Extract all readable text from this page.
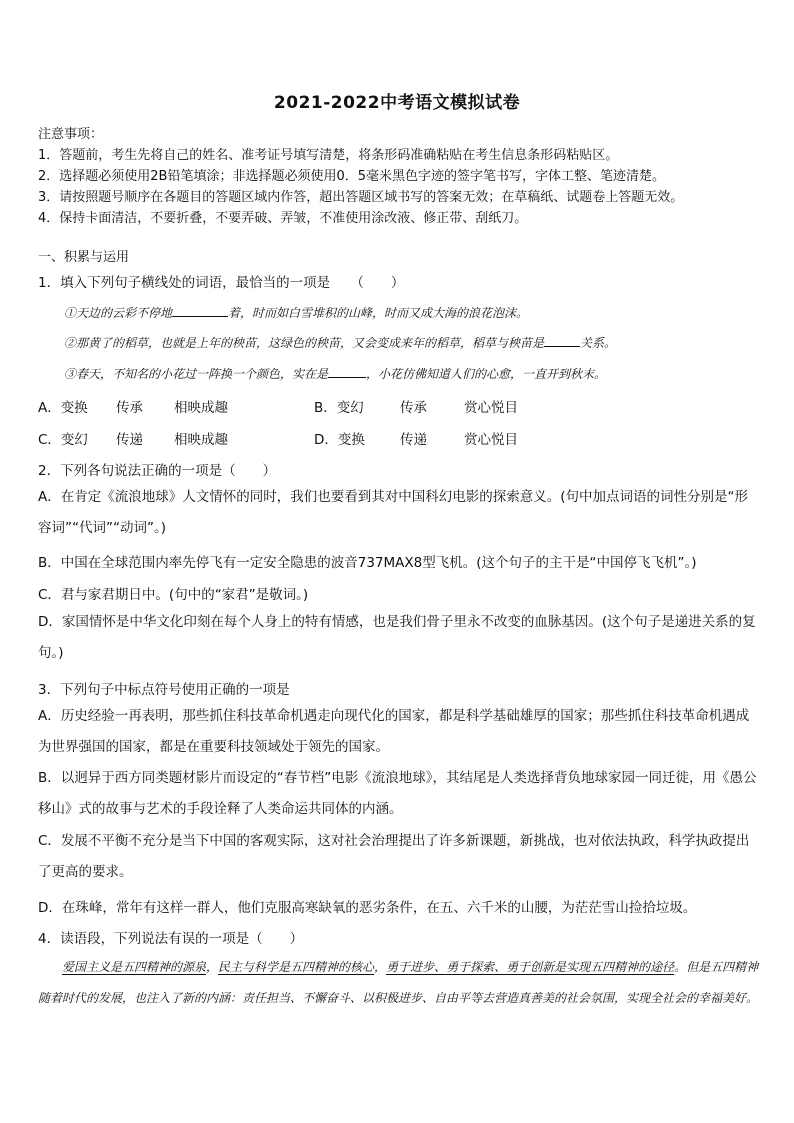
2021-2022中考语文模拟试卷
注意事项：
1．答题前，考生先将自己的姓名、准考证号填写清楚，将条形码准确粘贴在考生信息条形码粘贴区。
2．选择题必须使用2B铅笔填涂；非选择题必须使用0．5毫米黑色字迹的签字笔书写，字体工整、笔迹清楚。
3．请按照题号顺序在各题目的答题区域内作答，超出答题区域书写的答案无效；在草稿纸、试题卷上答题无效。
4．保持卡面清洁，不要折叠，不要弄破、弄皱，不准使用涂改液、修正带、刮纸刀。
一、积累与运用
1．填入下列句子横线处的词语，最恰当的一项是　　（　　）
①天边的云彩不停地	着，时而如白雪堆积的山峰，时而又成大海的浪花泡沫。
②那黄了的稻草，也就是上年的秧苗，这绿色的秧苗，又会变成来年的稻草，稻草与秧苗是	关系。
③春天，不知名的小花过一阵换一个颜色，实在是	，小花仿佛知道人们的心愈，一直开到秋末。
A．变换 传承 相映成趣	B．变幻	传承	赏心悦目
C．变幻 传递 相映成趣	D．变换	传递	赏心悦目
2．下列各句说法正确的一项是（　　）
A．在肯定《流浪地球》人文情怀的同时，我们也要看到其对中国科幻电影的探索意义。(句中加点词语的词性分别是“形容词”“代词”“动词”。)
B．中国在全球范围内率先停飞有一定安全隐患的波音737MAX8型飞机。(这个句子的主干是“中国停飞飞机”。)
C．君与家君期日中。(句中的“家君”是敬词。)
D．家国情怀是中华文化印刻在每个人身上的特有情感，也是我们骨子里永不改变的血脉基因。(这个句子是递进关系的复句。)
3．下列句子中标点符号使用正确的一项是
A．历史经验一再表明，那些抓住科技革命机遇走向现代化的国家，都是科学基础雄厚的国家；那些抓住科技革命机遇成为世界强国的国家，都是在重要科技领域处于领先的国家。
B．以迥异于西方同类题材影片而设定的“春节档”电影《流浪地球》，其结尾是人类选择背负地球家园一同迁徙，用《愚公移山》式的故事与艺术的手段诠释了人类命运共同体的内涵。
C．发展不平衡不充分是当下中国的客观实际，这对社会治理提出了许多新课题，新挑战，也对依法执政，科学执政提出了更高的要求。
D．在珠峰，常年有这样一群人，他们克服高寒缺氧的恶劣条件，在五、六千米的山腰，为茫茫雪山捡拾垃圾。
4．读语段，下列说法有误的一项是（　　）
爱国主义是五四精神的源泉，民主与科学是五四精神的核心，勇于进步、勇于探索、勇于创新是实现五四精神的途径。但是五四精神随着时代的发展，也注入了新的内涵：责任担当、不懈奋斗、以积极进步、自由平等去营造真善美的社会氛围，实现全社会的幸福美好。
